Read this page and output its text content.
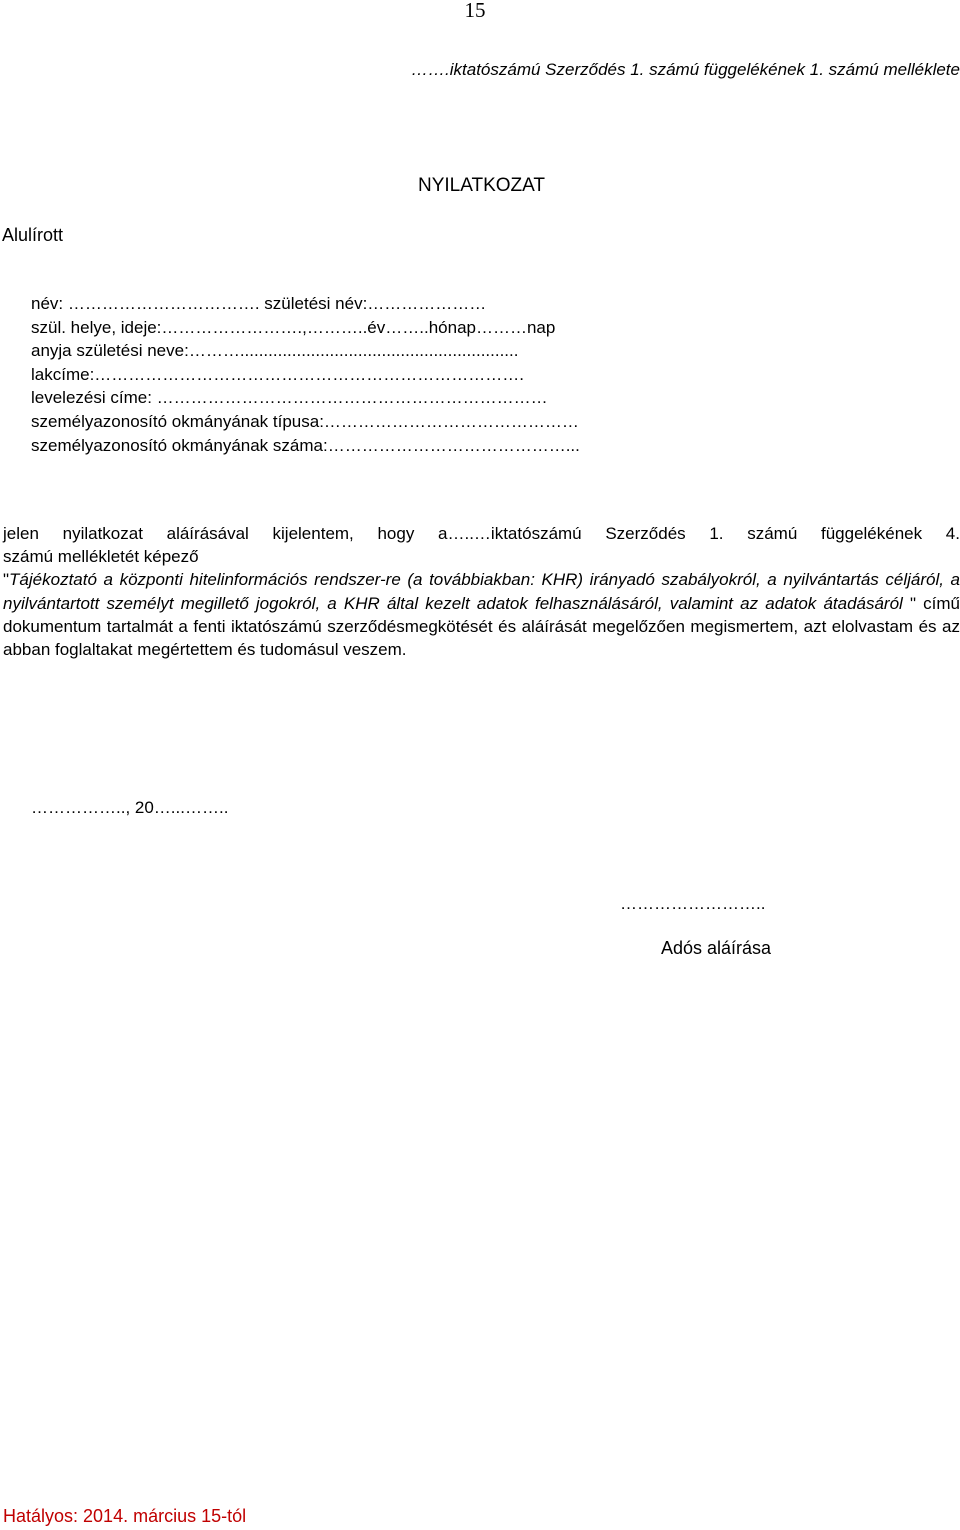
15
…….iktatószámú Szerződés 1. számú függelékének 1. számú melléklete
NYILATKOZAT
Alulírott
név: ……………………………. születési név:…………………
szül. helye, ideje:…………………….,………..év……..hónap………nap
anyja születési neve:………...........................................................
lakcíme:………………………………………………………………….
levelezési címe: ……………………………………………………………
személyazonosító okmányának típusa:………………………………………
személyazonosító okmányának száma:……………………………………...

jelen nyilatkozat aláírásával kijelentem, hogy a…..…iktatószámú Szerződés 1. számú függelékének 4.

számú mellékletét képező

"Tájékoztató a központi hitelinformációs rendszer-re (a továbbiakban: KHR) irányadó szabályokról, a nyilvántartás céljáról, a nyilvántartott személyt megillető jogokról, a KHR által kezelt adatok felhasználásáról, valamint az adatok átadásáról " című dokumentum tartalmát a fenti iktatószámú szerződésmegkötését és aláírását megelőzően megismertem, azt elolvastam és az abban foglaltakat megértettem és tudomásul veszem.

…………….., 20…...……..
……………………..
Adós aláírása
Hatályos: 2014. március 15-tól
